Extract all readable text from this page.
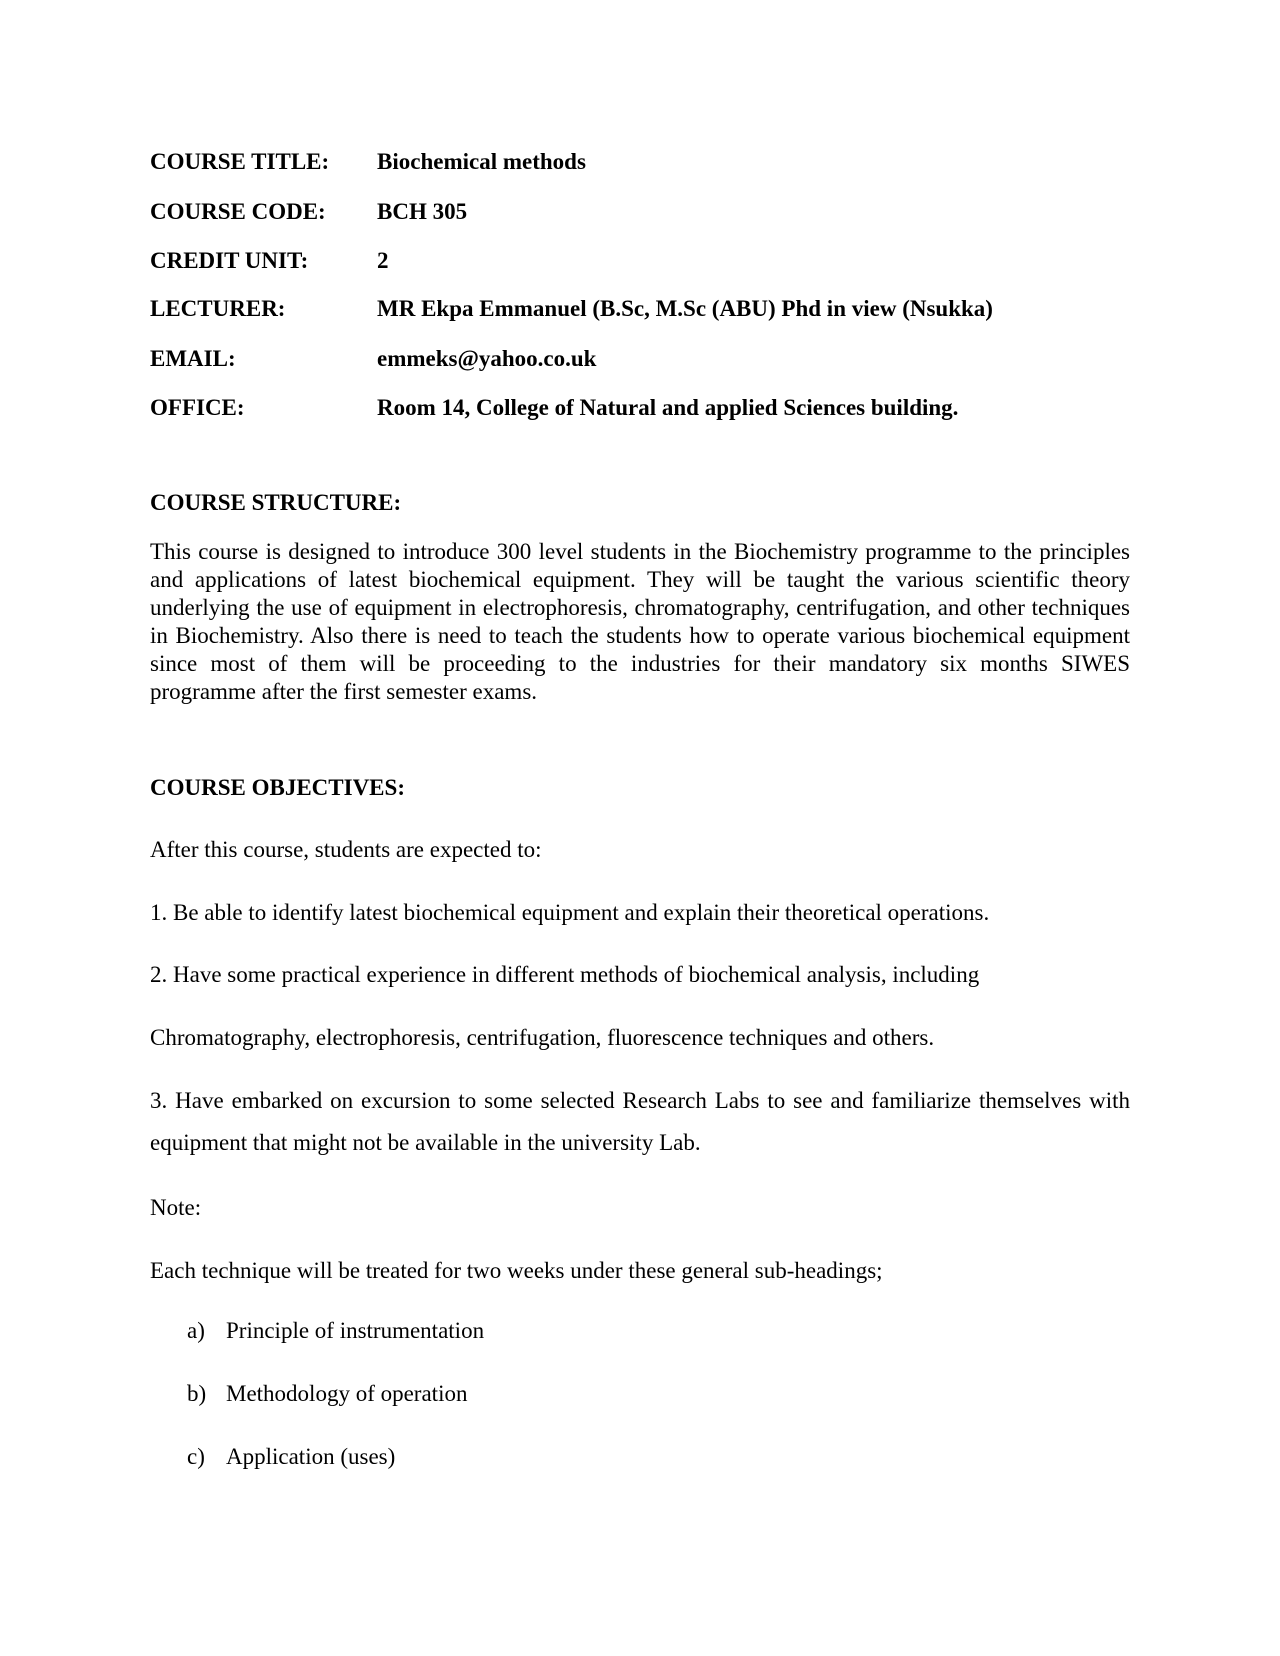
COURSE TITLE: Biochemical methods
COURSE CODE: BCH 305
CREDIT UNIT:	2
LECTURER:	MR Ekpa Emmanuel (B.Sc, M.Sc (ABU) Phd in view (Nsukka)
EMAIL:	emmeks@yahoo.co.uk
OFFICE:	Room 14, College of Natural and applied Sciences building.
COURSE STRUCTURE:
This course is designed to introduce 300 level students in the Biochemistry programme to the principles and applications of latest biochemical equipment. They will be taught the various scientific theory underlying the use of equipment in electrophoresis, chromatography, centrifugation, and other techniques in Biochemistry. Also there is need to teach the students how to operate various biochemical equipment since most of them will be proceeding to the industries for their mandatory six months SIWES programme after the first semester exams.
COURSE OBJECTIVES:
After this course, students are expected to:
1. Be able to identify latest biochemical equipment and explain their theoretical operations.
2. Have some practical experience in different methods of biochemical analysis, including
Chromatography, electrophoresis, centrifugation, fluorescence techniques and others.
3. Have embarked on excursion to some selected Research Labs to see and familiarize themselves with equipment that might not be available in the university Lab.
Note:
Each technique will be treated for two weeks under these general sub-headings;
a) Principle of instrumentation
b) Methodology of operation
c) Application (uses)
